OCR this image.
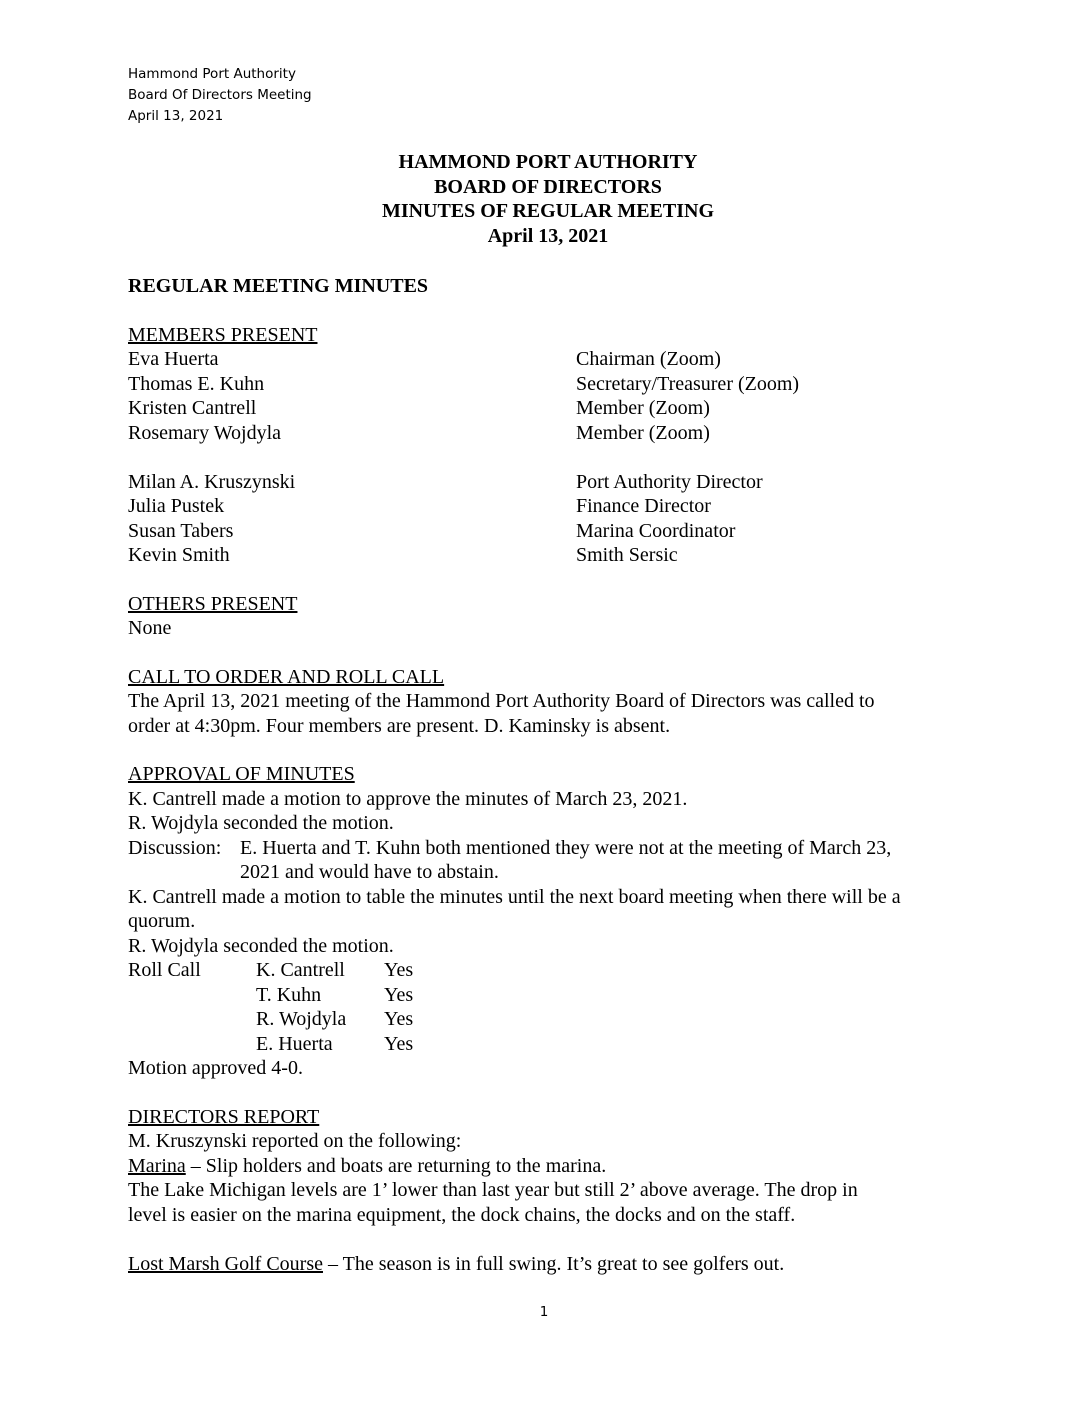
Hammond Port Authority
Board Of Directors Meeting
April 13, 2021
HAMMOND PORT AUTHORITY
BOARD OF DIRECTORS
MINUTES OF REGULAR MEETING
April 13, 2021
REGULAR MEETING MINUTES
MEMBERS PRESENT
Eva Huerta	Chairman (Zoom)
Thomas E. Kuhn	Secretary/Treasurer (Zoom)
Kristen Cantrell	Member (Zoom)
Rosemary Wojdyla	Member (Zoom)
Milan A. Kruszynski	Port Authority Director
Julia Pustek	Finance Director
Susan Tabers	Marina Coordinator
Kevin Smith	Smith Sersic
OTHERS PRESENT
None
CALL TO ORDER AND ROLL CALL
The April 13, 2021 meeting of the Hammond Port Authority Board of Directors was called to
order at 4:30pm. Four members are present. D. Kaminsky is absent.
APPROVAL OF MINUTES
K. Cantrell made a motion to approve the minutes of March 23, 2021.
R. Wojdyla seconded the motion.
Discussion: E. Huerta and T. Kuhn both mentioned they were not at the meeting of March 23,
2021 and would have to abstain.
K. Cantrell made a motion to table the minutes until the next board meeting when there will be a
quorum.
R. Wojdyla seconded the motion.
Roll Call	K. Cantrell	Yes
T. Kuhn	Yes
R. Wojdyla	Yes
E. Huerta	Yes
Motion approved 4-0.
DIRECTORS REPORT
M. Kruszynski reported on the following:
Marina – Slip holders and boats are returning to the marina.
The Lake Michigan levels are 1’ lower than last year but still 2’ above average. The drop in
level is easier on the marina equipment, the dock chains, the docks and on the staff.
Lost Marsh Golf Course – The season is in full swing. It’s great to see golfers out.
1
